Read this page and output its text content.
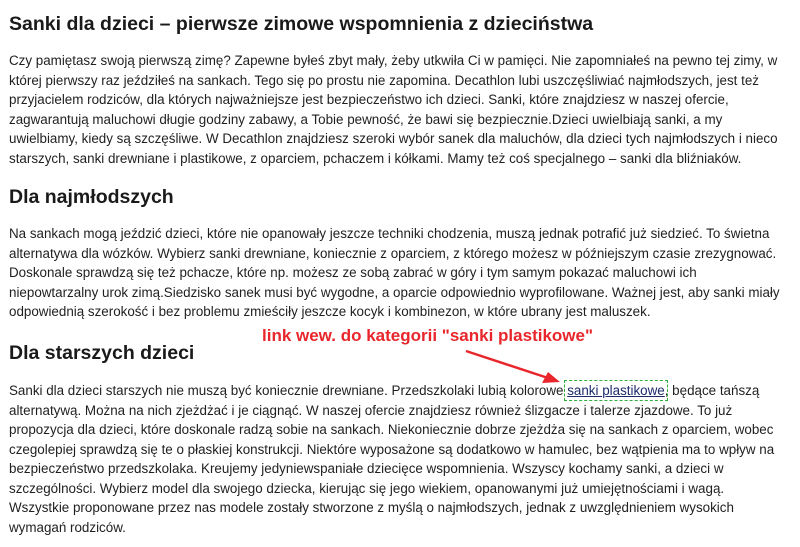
Sanki dla dzieci – pierwsze zimowe wspomnienia z dzieciństwa
Czy pamiętasz swoją pierwszą zimę? Zapewne byłeś zbyt mały, żeby utkwiła Ci w pamięci. Nie zapomniałeś na pewno tej zimy, w
której pierwszy raz jeździłeś na sankach. Tego się po prostu nie zapomina. Decathlon lubi uszczęśliwiać najmłodszych, jest też
przyjacielem rodziców, dla których najważniejsze jest bezpieczeństwo ich dzieci. Sanki, które znajdziesz w naszej ofercie,
zagwarantują maluchowi długie godziny zabawy, a Tobie pewność, że bawi się bezpiecznie.Dzieci uwielbiają sanki, a my
uwielbiamy, kiedy są szczęśliwe. W Decathlon znajdziesz szeroki wybór sanek dla maluchów, dla dzieci tych najmłodszych i nieco
starszych, sanki drewniane i plastikowe, z oparciem, pchaczem i kółkami. Mamy też coś specjalnego – sanki dla bliźniaków.
Dla najmłodszych
Na sankach mogą jeździć dzieci, które nie opanowały jeszcze techniki chodzenia, muszą jednak potrafić już siedzieć. To świetna
alternatywa dla wózków. Wybierz sanki drewniane, koniecznie z oparciem, z którego możesz w późniejszym czasie zrezygnować.
Doskonale sprawdzą się też pchacze, które np. możesz ze sobą zabrać w góry i tym samym pokazać maluchowi ich
niepowtarzalny urok zimą.Siedzisko sanek musi być wygodne, a oparcie odpowiednio wyprofilowane. Ważnej jest, aby sanki miały
odpowiednią szerokość i bez problemu zmieściły jeszcze kocyk i kombinezon, w które ubrany jest maluszek.
Dla starszych dzieci
Sanki dla dzieci starszych nie muszą być koniecznie drewniane. Przedszkolaki lubią kolorowe sanki plastikowe, będące tańszą
alternatywą. Można na nich zjeżdżać i je ciągnąć. W naszej ofercie znajdziesz również ślizgacze i talerze zjazdowe. To już
propozycja dla dzieci, które doskonale radzą sobie na sankach. Niekoniecznie dobrze zjeżdża się na sankach z oparciem, wobec
czegolepiej sprawdzą się te o płaskiej konstrukcji. Niektóre wyposażone są dodatkowo w hamulec, bez wątpienia ma to wpływ na
bezpieczeństwo przedszkolaka. Kreujemy jedyniewspaniałe dziecięce wspomnienia. Wszyscy kochamy sanki, a dzieci w
szczególności. Wybierz model dla swojego dziecka, kierując się jego wiekiem, opanowanymi już umiejętnościami i wagą.
Wszystkie proponowane przez nas modele zostały stworzone z myślą o najmłodszych, jednak z uwzględnieniem wysokich
wymagań rodziców.
link wew. do kategorii "sanki plastikowe"
